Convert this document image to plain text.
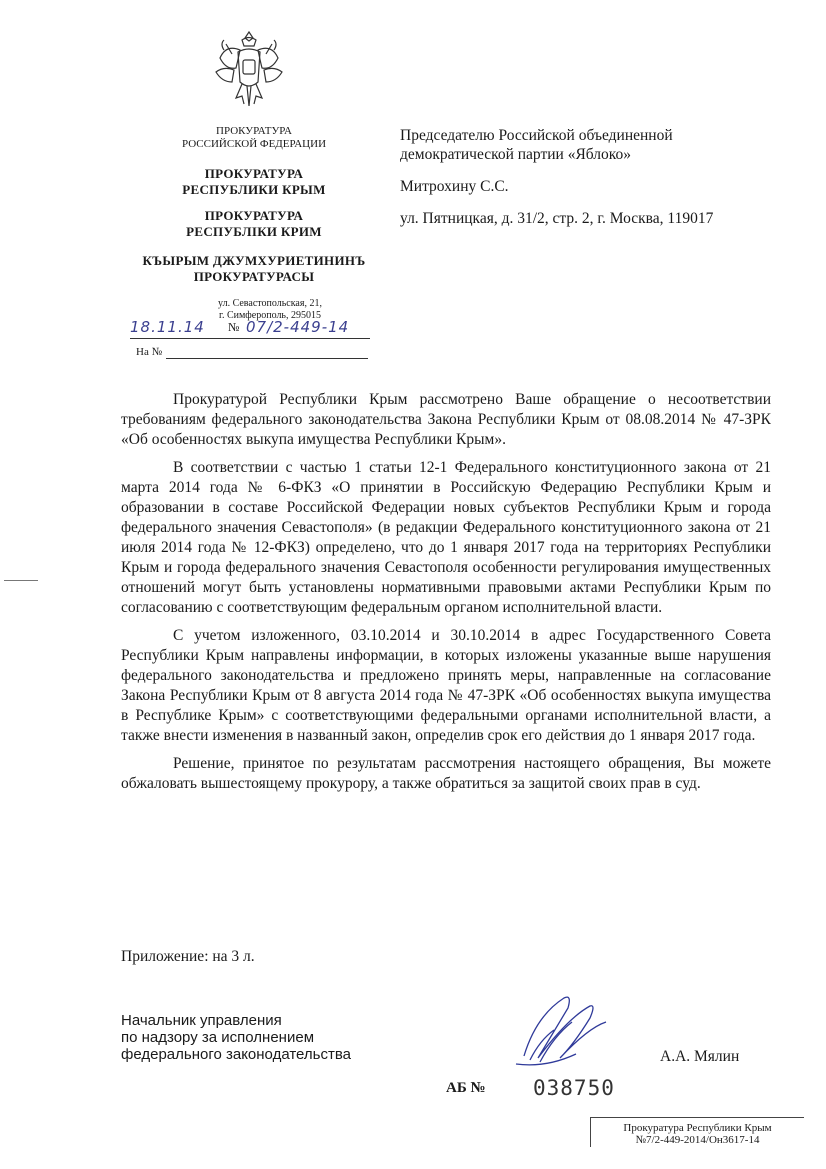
ПРОКУРАТУРА
РОССИЙСКОЙ ФЕДЕРАЦИИ
ПРОКУРАТУРА
РЕСПУБЛИКИ КРЫМ
ПРОКУРАТУРА
РЕСПУБЛІКИ КРИМ
КЪЫРЫМ ДЖУМХУРИЕТИНИНЪ
ПРОКУРАТУРАСЫ
ул. Севастопольская, 21,
г. Симферополь, 295015
18.11.14 № 07/2-449-14
На №

Председателю Российской объединенной

демократической партии «Яблоко»

Митрохину С.С.
ул. Пятницкая, д. 31/2, стр. 2, г. Москва, 119017

Прокуратурой Республики Крым рассмотрено Ваше обращение о несоответствии требованиям федерального законодательства Закона Республики Крым от 08.08.2014 № 47-ЗРК «Об особенностях выкупа имущества Республики Крым».

В соответствии с частью 1 статьи 12-1 Федерального конституционного закона от 21 марта 2014 года № 6-ФКЗ «О принятии в Российскую Федерацию Республики Крым и образовании в составе Российской Федерации новых субъектов Республики Крым и города федерального значения Севастополя» (в редакции Федерального конституционного закона от 21 июля 2014 года № 12-ФКЗ) определено, что до 1 января 2017 года на территориях Республики Крым и города федерального значения Севастополя особенности регулирования имущественных отношений могут быть установлены нормативными правовыми актами Республики Крым по согласованию с соответствующим федеральным органом исполнительной власти.

С учетом изложенного, 03.10.2014 и 30.10.2014 в адрес Государственного Совета Республики Крым направлены информации, в которых изложены указанные выше нарушения федерального законодательства и предложено принять меры, направленные на согласование Закона Республики Крым от 8 августа 2014 года № 47-ЗРК «Об особенностях выкупа имущества в Республике Крым» с соответствующими федеральными органами исполнительной власти, а также внести изменения в названный закон, определив срок его действия до 1 января 2017 года.

Решение, принятое по результатам рассмотрения настоящего обращения, Вы можете обжаловать вышестоящему прокурору, а также обратиться за защитой своих прав в суд.

Приложение: на 3 л.
Начальник управления
по надзору за исполнением
федерального законодательства	А.А. Мялин
АБ № 038750
Прокуратура Республики Крым
№7/2-449-2014/Он3617-14
